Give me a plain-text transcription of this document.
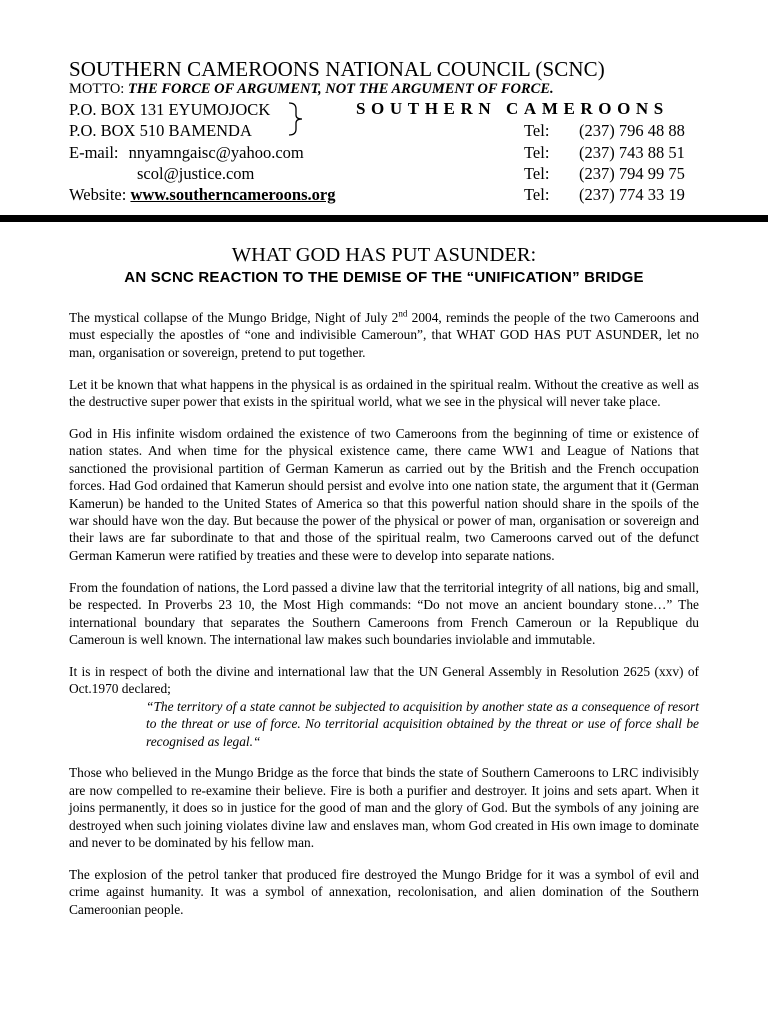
SOUTHERN CAMEROONS NATIONAL COUNCIL (SCNC)
MOTTO: THE FORCE OF ARGUMENT, NOT THE ARGUMENT OF FORCE.
P.O. BOX 131 EYUMOJOCK
P.O. BOX 510 BAMENDA
SOUTHERN CAMEROONS
E-mail: nnyamngaisc@yahoo.com
scol@justice.com
Website: www.southerncameroons.org
Tel: (237) 796 48 88
Tel: (237) 743 88 51
Tel: (237) 794 99 75
Tel: (237) 774 33 19
WHAT GOD HAS PUT ASUNDER:
AN SCNC REACTION TO THE DEMISE OF THE “UNIFICATION” BRIDGE

The mystical collapse of the Mungo Bridge, Night of July 2nd 2004, reminds the people of the two Cameroons and must especially the apostles of “one and indivisible Cameroun”, that WHAT GOD HAS PUT ASUNDER, let no man, organisation or sovereign, pretend to put together.

Let it be known that what happens in the physical is as ordained in the spiritual realm. Without the creative as well as the destructive super power that exists in the spiritual world, what we see in the physical will never take place.

God in His infinite wisdom ordained the existence of two Cameroons from the beginning of time or existence of nation states. And when time for the physical existence came, there came WW1 and League of Nations that sanctioned the provisional partition of German Kamerun as carried out by the British and the French occupation forces. Had God ordained that Kamerun should persist and evolve into one nation state, the argument that it (German Kamerun) be handed to the United States of America so that this powerful nation should share in the spoils of the war should have won the day. But because the power of the physical or power of man, organisation or sovereign and their laws are far subordinate to that and those of the spiritual realm, two Cameroons carved out of the defunct German Kamerun were ratified by treaties and these were to develop into separate nations.

From the foundation of nations, the Lord passed a divine law that the territorial integrity of all nations, big and small, be respected. In Proverbs 23 10, the Most High commands: “Do not move an ancient boundary stone…” The international boundary that separates the Southern Cameroons from French Cameroun or la Republique du Cameroun is well known. The international law makes such boundaries inviolable and immutable.

It is in respect of both the divine and international law that the UN General Assembly in Resolution 2625 (xxv) of Oct.1970 declared;

“The territory of a state cannot be subjected to acquisition by another state as a consequence of resort to the threat or use of force. No territorial acquisition obtained by the threat or use of force shall be recognised as legal.“

Those who believed in the Mungo Bridge as the force that binds the state of Southern Cameroons to LRC indivisibly are now compelled to re-examine their believe. Fire is both a purifier and destroyer. It joins and sets apart. When it joins permanently, it does so in justice for the good of man and the glory of God. But the symbols of any joining are destroyed when such joining violates divine law and enslaves man, whom God created in His own image to dominate and never to be dominated by his fellow man.

The explosion of the petrol tanker that produced fire destroyed the Mungo Bridge for it was a symbol of evil and crime against humanity. It was a symbol of annexation, recolonisation, and alien domination of the Southern Cameroonian people.
